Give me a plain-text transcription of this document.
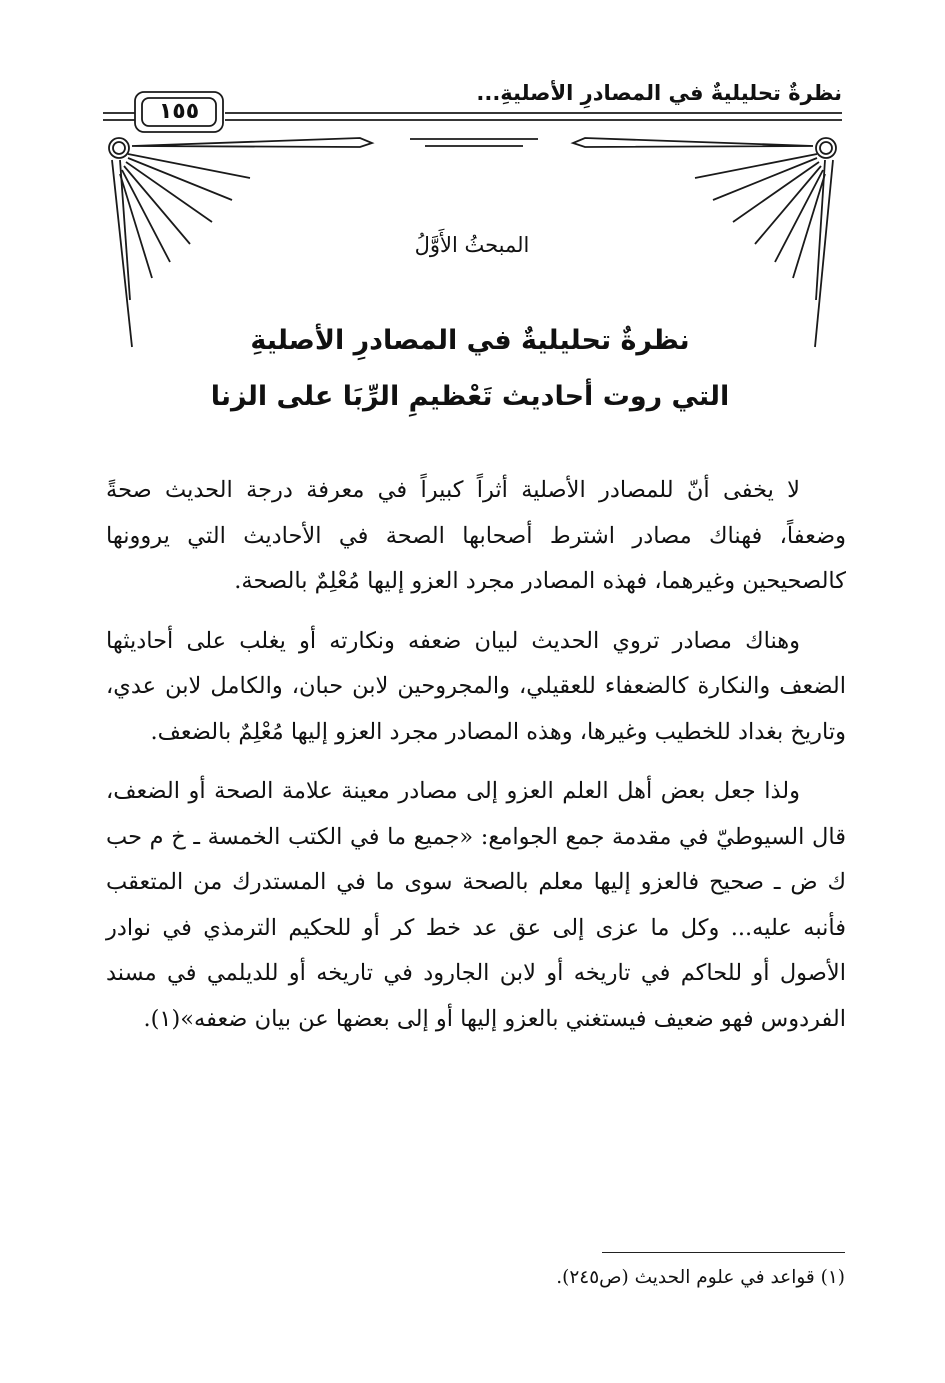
نظرةٌ تحليليةٌ في المصادرِ الأصليةِ...
١٥٥
المبحثُ الأَوَّلُ
نظرةٌ تحليليةٌ في المصادرِ الأصليةِ
التي روت أحاديث تَعْظيمِ الرِّبَا على الزنا

لا يخفى أنّ للمصادر الأصلية أثراً كبيراً في معرفة درجة الحديث صحةً وضعفاً، فهناك مصادر اشترط أصحابها الصحة في الأحاديث التي يروونها كالصحيحين وغيرهما، فهذه المصادر مجرد العزو إليها مُعْلِمٌ بالصحة.

وهناك مصادر تروي الحديث لبيان ضعفه ونكارته أو يغلب على أحاديثها الضعف والنكارة كالضعفاء للعقيلي، والمجروحين لابن حبان، والكامل لابن عدي، وتاريخ بغداد للخطيب وغيرها، وهذه المصادر مجرد العزو إليها مُعْلِمٌ بالضعف.

ولذا جعل بعض أهل العلم العزو إلى مصادر معينة علامة الصحة أو الضعف، قال السيوطيّ في مقدمة جمع الجوامع: «جميع ما في الكتب الخمسة ـ خ م حب ك ض ـ صحيح فالعزو إليها معلم بالصحة سوى ما في المستدرك من المتعقب فأنبه عليه... وكل ما عزى إلى عق عد خط كر أو للحكيم الترمذي في نوادر الأصول أو للحاكم في تاريخه أو لابن الجارود في تاريخه أو للديلمي في مسند الفردوس فهو ضعيف فيستغني بالعزو إليها أو إلى بعضها عن بيان ضعفه»(١).

(١) قواعد في علوم الحديث (ص٢٤٥).
